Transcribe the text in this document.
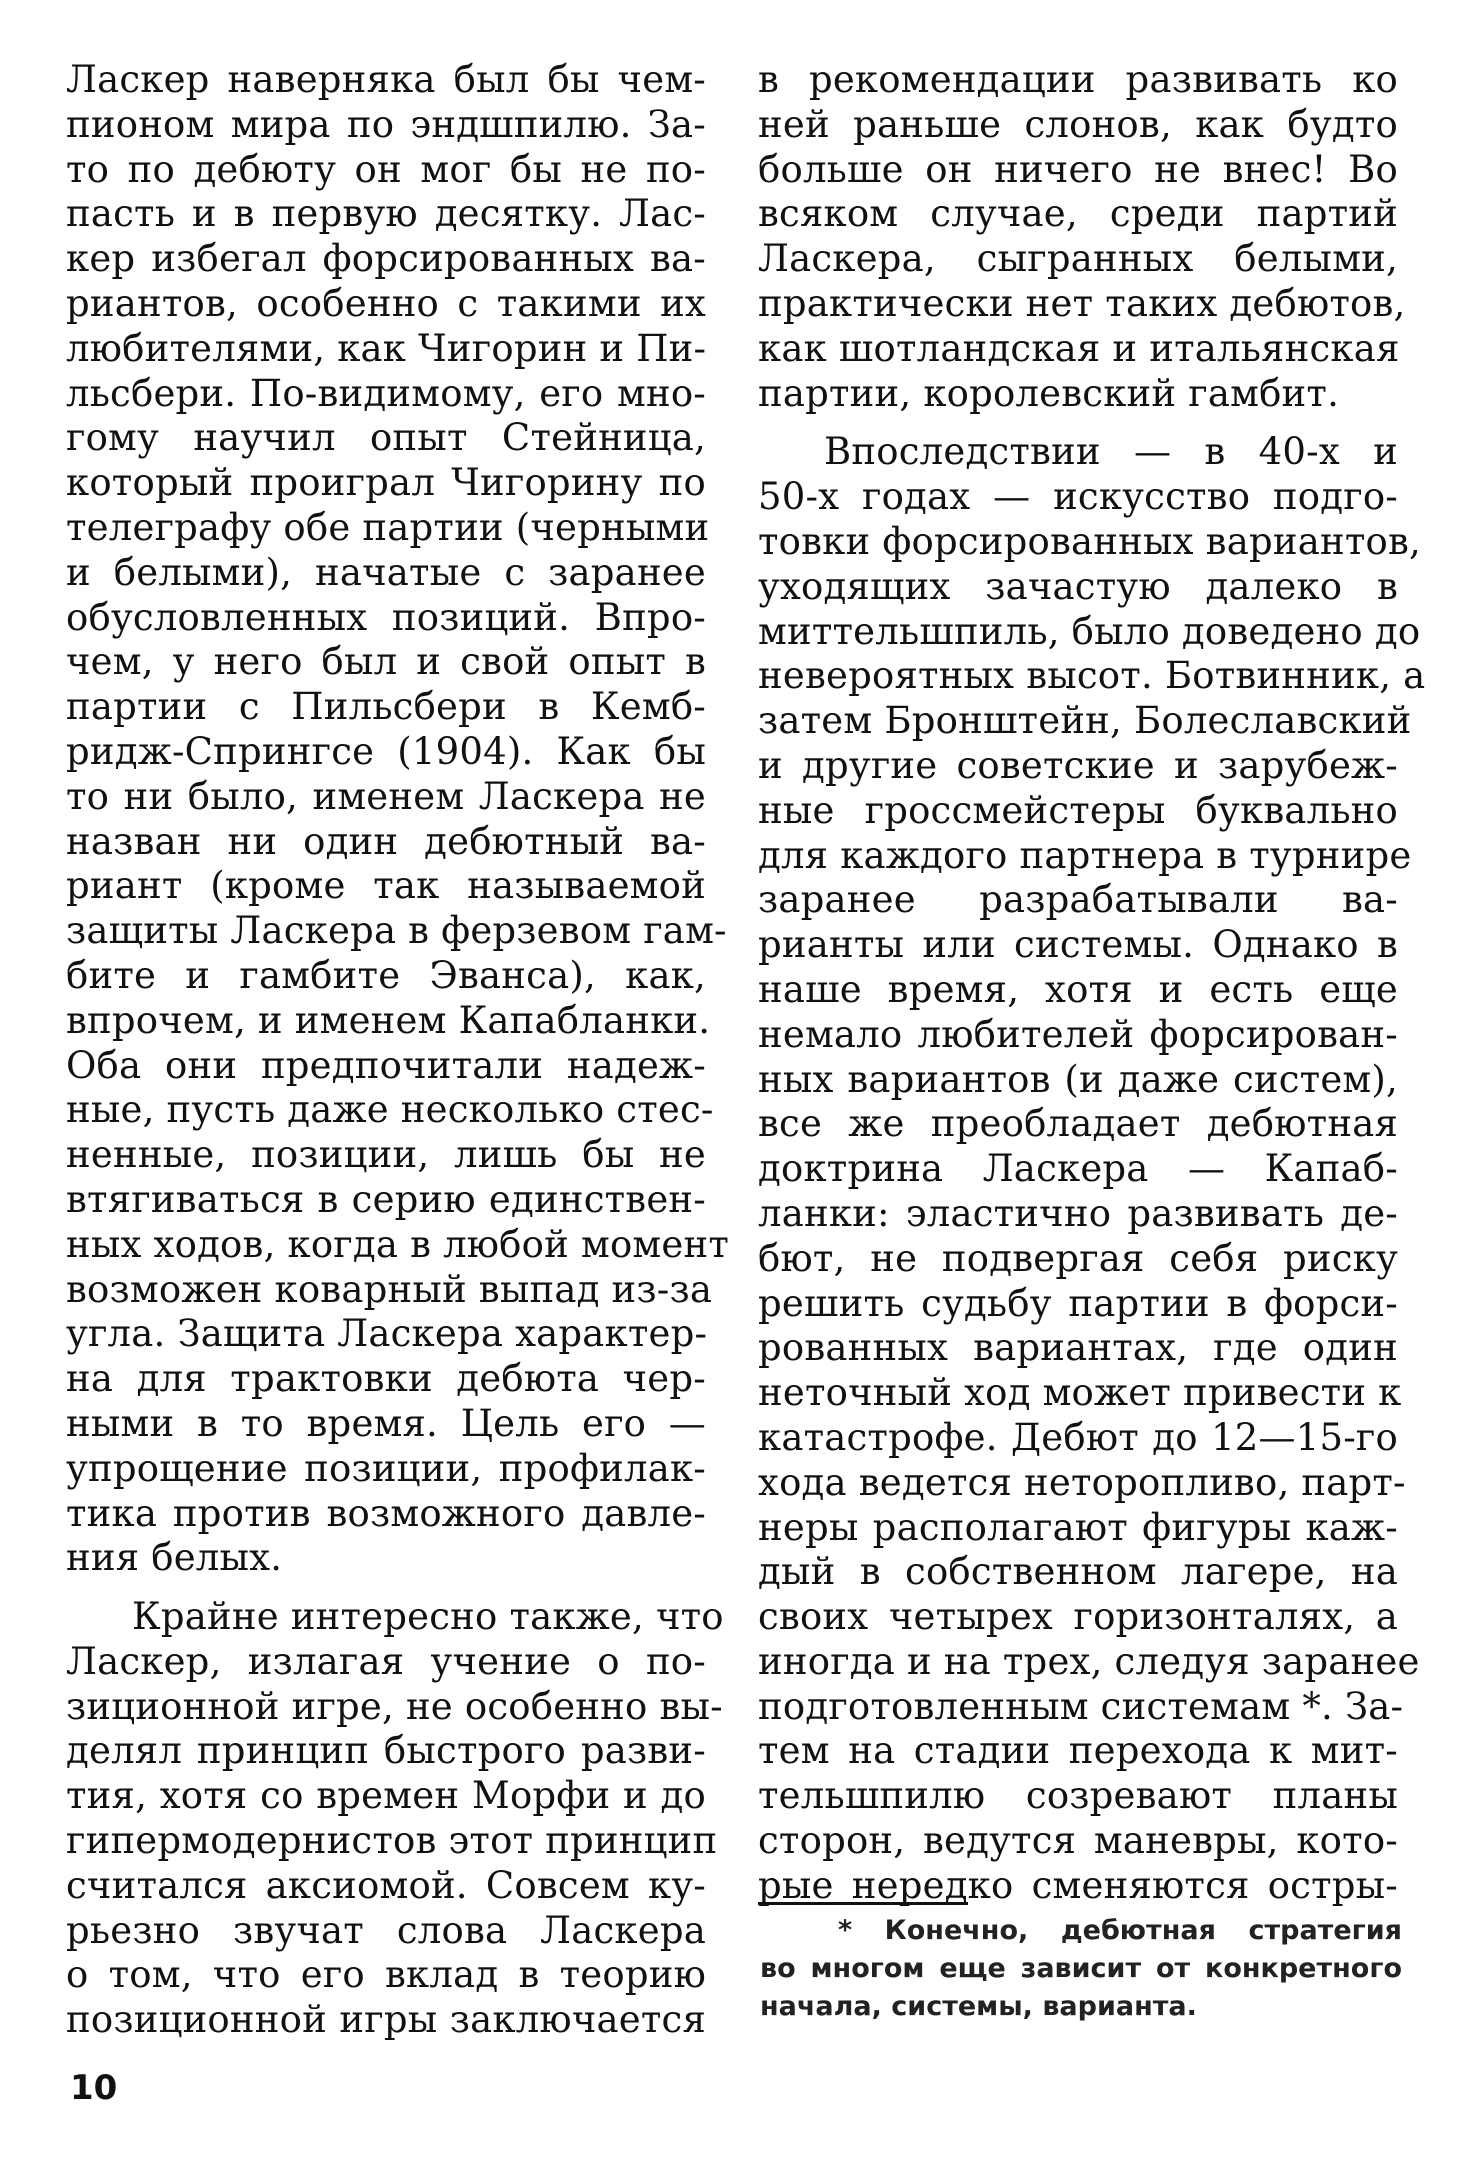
Ласкер наверняка был бы чем-
пионом мира по эндшпилю. За-
то по дебюту он мог бы не по-
пасть и в первую десятку. Лас-
кер избегал форсированных ва-
риантов, особенно с такими их
любителями, как Чигорин и Пи-
льсбери. По-видимому, его мно-
гому научил опыт Стейница,
который проиграл Чигорину по
телеграфу обе партии (черными
и белыми), начатые с заранее
обусловленных позиций. Впро-
чем, у него был и свой опыт в
партии с Пильсбери в Кемб-
ридж-Спрингсе (1904). Как бы
то ни было, именем Ласкера не
назван ни один дебютный ва-
риант (кроме так называемой
защиты Ласкера в ферзевом гам-
бите и гамбите Эванса), как,
впрочем, и именем Капабланки.
Оба они предпочитали надеж-
ные, пусть даже несколько стес-
ненные, позиции, лишь бы не
втягиваться в серию единствен-
ных ходов, когда в любой момент
возможен коварный выпад из-за
угла. Защита Ласкера характер-
на для трактовки дебюта чер-
ными в то время. Цель его —
упрощение позиции, профилак-
тика против возможного давле-
ния белых.
Крайне интересно также, что
Ласкер, излагая учение о по-
зиционной игре, не особенно вы-
делял принцип быстрого разви-
тия, хотя со времен Морфи и до
гипермодернистов этот принцип
считался аксиомой. Совсем ку-
рьезно звучат слова Ласкера
о том, что его вклад в теорию
позиционной игры заключается
в рекомендации развивать ко
ней раньше слонов, как будто
больше он ничего не внес! Во
всяком случае, среди партий
Ласкера, сыгранных белыми,
практически нет таких дебютов,
как шотландская и итальянская
партии, королевский гамбит.
Впоследствии — в 40-х и
50-х годах — искусство подго-
товки форсированных вариантов,
уходящих зачастую далеко в
миттельшпиль, было доведено до
невероятных высот. Ботвинник, а
затем Бронштейн, Болеславский
и другие советские и зарубеж-
ные гроссмейстеры буквально
для каждого партнера в турнире
заранее разрабатывали ва-
рианты или системы. Однако в
наше время, хотя и есть еще
немало любителей форсирован-
ных вариантов (и даже систем),
все же преобладает дебютная
доктрина Ласкера — Капаб-
ланки: эластично развивать де-
бют, не подвергая себя риску
решить судьбу партии в форси-
рованных вариантах, где один
неточный ход может привести к
катастрофе. Дебют до 12—15-го
хода ведется неторопливо, парт-
неры располагают фигуры каж-
дый в собственном лагере, на
своих четырех горизонталях, а
иногда и на трех, следуя заранее
подготовленным системам *. За-
тем на стадии перехода к мит-
тельшпилю созревают планы
сторон, ведутся маневры, кото-
рые нередко сменяются остры-
* Конечно, дебютная стратегия
во многом еще зависит от конкретного
начала, системы, варианта.
10
